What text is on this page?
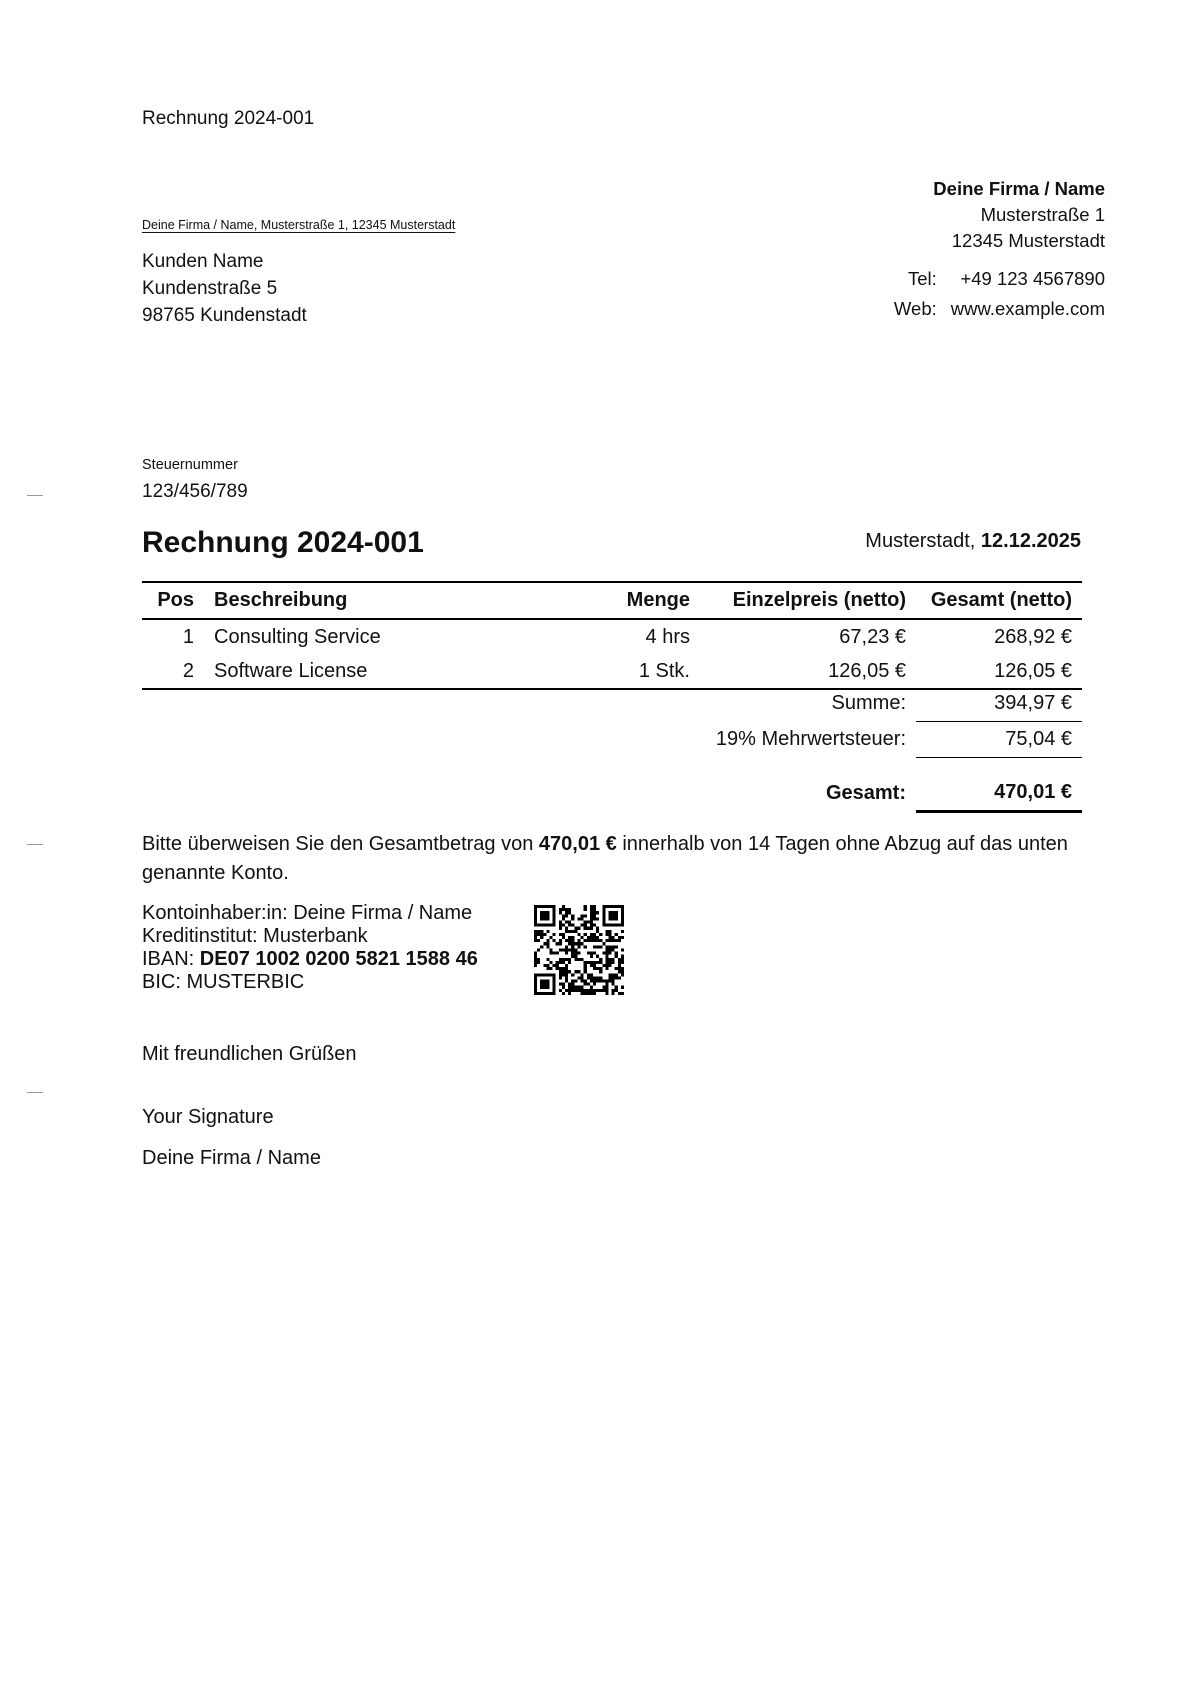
Rechnung 2024-001
Deine Firma / Name, Musterstraße 1, 12345 Musterstadt
Kunden Name
Kundenstraße 5
98765 Kundenstadt
Deine Firma / Name
Musterstraße 1
12345 Musterstadt
Tel:	+49 123 4567890
Web:	www.example.com
Steuernummer
123/456/789
Rechnung 2024-001	Musterstadt, 12.12.2025
Pos	Beschreibung	Menge	Einzelpreis (netto)	Gesamt (netto)
1	Consulting Service	4 hrs	67,23 €	268,92 €
2	Software License	1 Stk.	126,05 €	126,05 €
Summe:	394,97 €
19% Mehrwertsteuer:	75,04 €

Gesamt:	470,01 €
Bitte überweisen Sie den Gesamtbetrag von 470,01 € innerhalb von 14 Tagen ohne Abzug auf das unten genannte Konto.
Kontoinhaber:in: Deine Firma / Name
Kreditinstitut: Musterbank
IBAN: DE07 1002 0200 5821 1588 46
BIC: MUSTERBIC
Mit freundlichen Grüßen
Your Signature
Deine Firma / Name
